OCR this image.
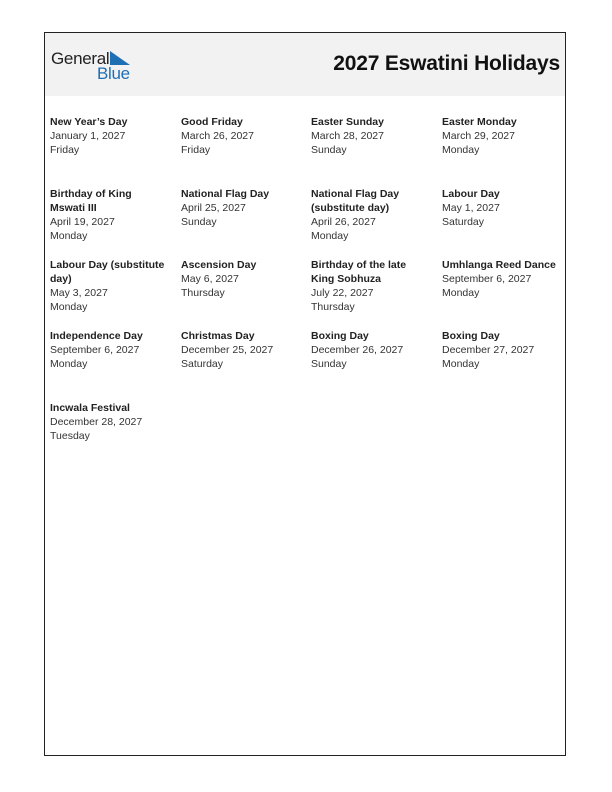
General
Blue	2027 Eswatini Holidays
New Year’s Day
January 1, 2027
Friday
Good Friday
March 26, 2027
Friday
Easter Sunday
March 28, 2027
Sunday
Easter Monday
March 29, 2027
Monday
Birthday of King Mswati III
April 19, 2027
Monday
National Flag Day
April 25, 2027
Sunday
National Flag Day (substitute day)
April 26, 2027
Monday
Labour Day
May 1, 2027
Saturday
Labour Day (substitute day)
May 3, 2027
Monday
Ascension Day
May 6, 2027
Thursday
Birthday of the late King Sobhuza
July 22, 2027
Thursday
Umhlanga Reed Dance
September 6, 2027
Monday
Independence Day
September 6, 2027
Monday
Christmas Day
December 25, 2027
Saturday
Boxing Day
December 26, 2027
Sunday
Boxing Day
December 27, 2027
Monday
Incwala Festival
December 28, 2027
Tuesday
